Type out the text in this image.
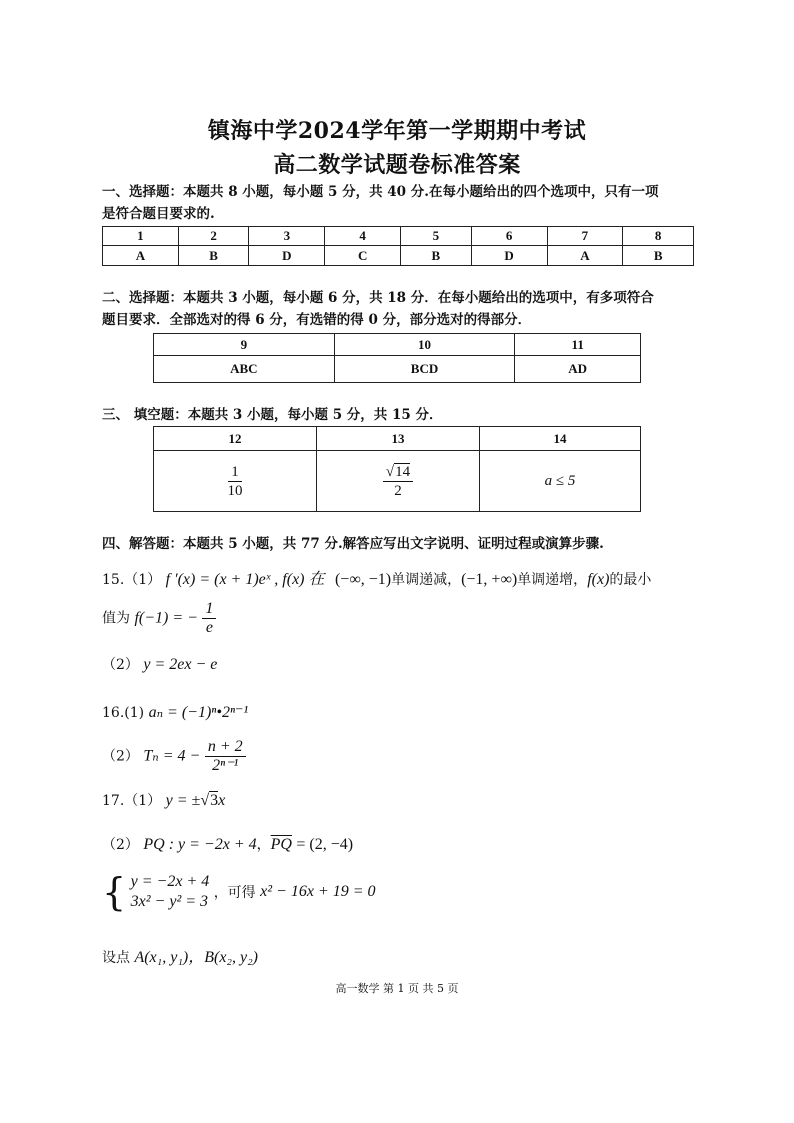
镇海中学2024学年第一学期期中考试
高二数学试题卷标准答案
一、选择题：本题共 8 小题，每小题 5 分，共 40 分.在每小题给出的四个选项中，只有一项
是符合题目要求的.
1	2	3	4	5	6	7	8
A	B	D	C	B	D	A	B
二、选择题：本题共 3 小题，每小题 6 分，共 18 分．在每小题给出的选项中，有多项符合
题目要求．全部选对的得 6 分，有选错的得 0 分，部分选对的得部分．
9	10	11
ABC	BCD	AD
三、 填空题：本题共 3 小题，每小题 5 分，共 15 分．
12	13	14

$\frac{1}{10}$	$\frac{√14}{2}$	a ≤ 5
四、解答题：本题共 5 小题，共 77 分.解答应写出文字说明、证明过程或演算步骤.
15.（1） f ′(x) = (x + 1)eˣ , f(x) 在 (−∞, −1)单调递减，(−1, +∞)单调递增，f(x)的最小
值为 f(−1) = − $\frac{1}{e}$
（2） y = 2ex − e
16.(1) aₙ = (−1)ⁿ•2ⁿ⁻¹
（2） $T_n = 4 - \frac{n + 2}{\text{2ⁿ⁻¹}}$
17.（1） y = ±√3x
（2） PQ : y = −2x + 4，$\overline{PQ} = (2$, −4)
{ y = −2x + 4
3x² − y² = 3 ，可得 x² − 16x + 19 = 0
设点 A(x₁, y₁)，B(x₂, y₂)
高一数学 第 1 页 共 5 页
